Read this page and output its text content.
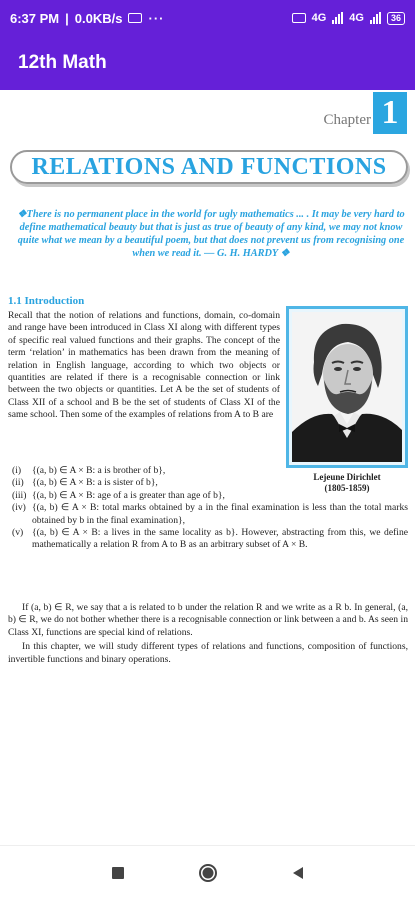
6:37 PM | 0.0KB/s ···	4G 4G	36
12th Math
Chapter 1
RELATIONS AND FUNCTIONS
❖There is no permanent place in the world for ugly mathematics ... . It may be very hard to define mathematical beauty but that is just as true of beauty of any kind, we may not know quite what we mean by a beautiful poem, but that does not prevent us from recognising one when we read it. — G. H. HARDY ❖
1.1 Introduction
Recall that the notion of relations and functions, domain, co-domain and range have been introduced in Class XI along with different types of specific real valued functions and their graphs. The concept of the term ‘relation’ in mathematics has been drawn from the meaning of relation in English language, according to which two objects or quantities are related if there is a recognisable connection or link between the two objects or quantities. Let A be the set of students of Class XII of a school and B be the set of students of Class XI of the same school. Then some of the examples of relations from A to B are
Lejeune Dirichlet
(1805-1859)
(i)	{(a, b) ∈ A × B: a is brother of b},
(ii) {(a, b) ∈ A × B: a is sister of b},
(iii) {(a, b) ∈ A × B: age of a is greater than age of b},
(iv) {(a, b) ∈ A × B: total marks obtained by a in the final examination is less than the total marks obtained by b in the final examination},
(v) {(a, b) ∈ A × B: a lives in the same locality as b}. However, abstracting from this, we define mathematically a relation R from A to B as an arbitrary subset of A × B.

If (a, b) ∈ R, we say that a is related to b under the relation R and we write as a R b. In general, (a, b) ∈ R, we do not bother whether there is a recognisable connection or link between a and b. As seen in Class XI, functions are special kind of relations.

In this chapter, we will study different types of relations and functions, composition of functions, invertible functions and binary operations.
